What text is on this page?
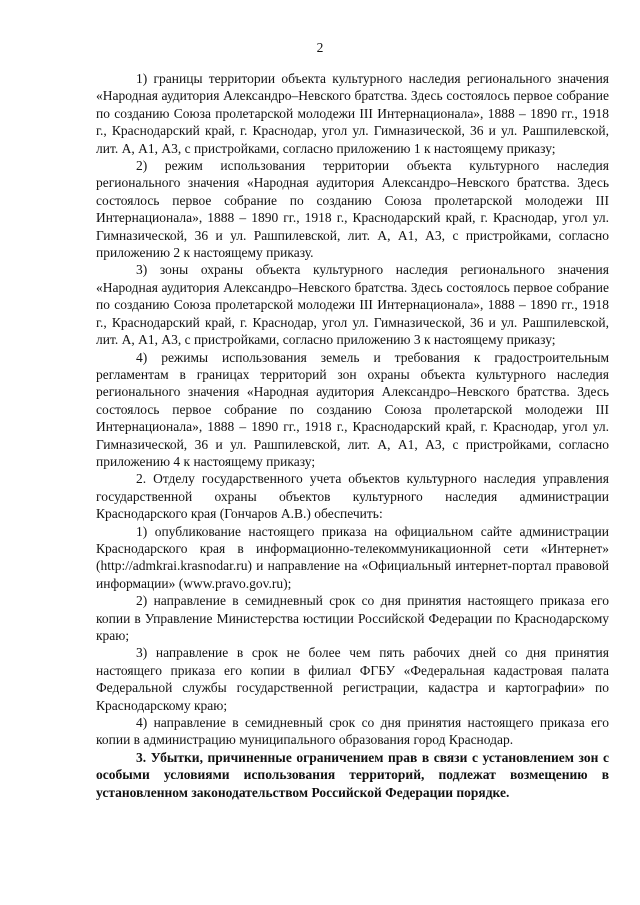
2

1) границы территории объекта культурного наследия регионального значения «Народная аудитория Александро–Невского братства. Здесь состоялось первое собрание по созданию Союза пролетарской молодежи III Интернационала», 1888 – 1890 гг., 1918 г., Краснодарский край, г. Краснодар, угол ул. Гимназической, 36 и ул. Рашпилевской, лит. А, А1, А3, с пристройками, согласно приложению 1 к настоящему приказу;

2) режим использования территории объекта культурного наследия регионального значения «Народная аудитория Александро–Невского братства. Здесь состоялось первое собрание по созданию Союза пролетарской молодежи III Интернационала», 1888 – 1890 гг., 1918 г., Краснодарский край, г. Краснодар, угол ул. Гимназической, 36 и ул. Рашпилевской, лит. А, А1, А3, с пристройками, согласно приложению 2 к настоящему приказу.

3) зоны охраны объекта культурного наследия регионального значения «Народная аудитория Александро–Невского братства. Здесь состоялось первое собрание по созданию Союза пролетарской молодежи III Интернационала», 1888 – 1890 гг., 1918 г., Краснодарский край, г. Краснодар, угол ул. Гимназической, 36 и ул. Рашпилевской, лит. А, А1, А3, с пристройками, согласно приложению 3 к настоящему приказу;

4) режимы использования земель и требования к градостроительным регламентам в границах территорий зон охраны объекта культурного наследия регионального значения «Народная аудитория Александро–Невского братства. Здесь состоялось первое собрание по созданию Союза пролетарской молодежи III Интернационала», 1888 – 1890 гг., 1918 г., Краснодарский край, г. Краснодар, угол ул. Гимназической, 36 и ул. Рашпилевской, лит. А, А1, А3, с пристройками, согласно приложению 4 к настоящему приказу;

2. Отделу государственного учета объектов культурного наследия управления государственной охраны объектов культурного наследия администрации Краснодарского края (Гончаров А.В.) обеспечить:

1) опубликование настоящего приказа на официальном сайте администрации Краснодарского края в информационно-телекоммуникационной сети «Интернет» (http://admkrai.krasnodar.ru) и направление на «Официальный интернет-портал правовой информации» (www.pravo.gov.ru);

2) направление в семидневный срок со дня принятия настоящего приказа его копии в Управление Министерства юстиции Российской Федерации по Краснодарскому краю;

3) направление в срок не более чем пять рабочих дней со дня принятия настоящего приказа его копии в филиал ФГБУ «Федеральная кадастровая палата Федеральной службы государственной регистрации, кадастра и картографии» по Краснодарскому краю;

4) направление в семидневный срок со дня принятия настоящего приказа его копии в администрацию муниципального образования город Краснодар.

3. Убытки, причиненные ограничением прав в связи с установлением зон с особыми условиями использования территорий, подлежат возмещению в установленном законодательством Российской Федерации порядке.
